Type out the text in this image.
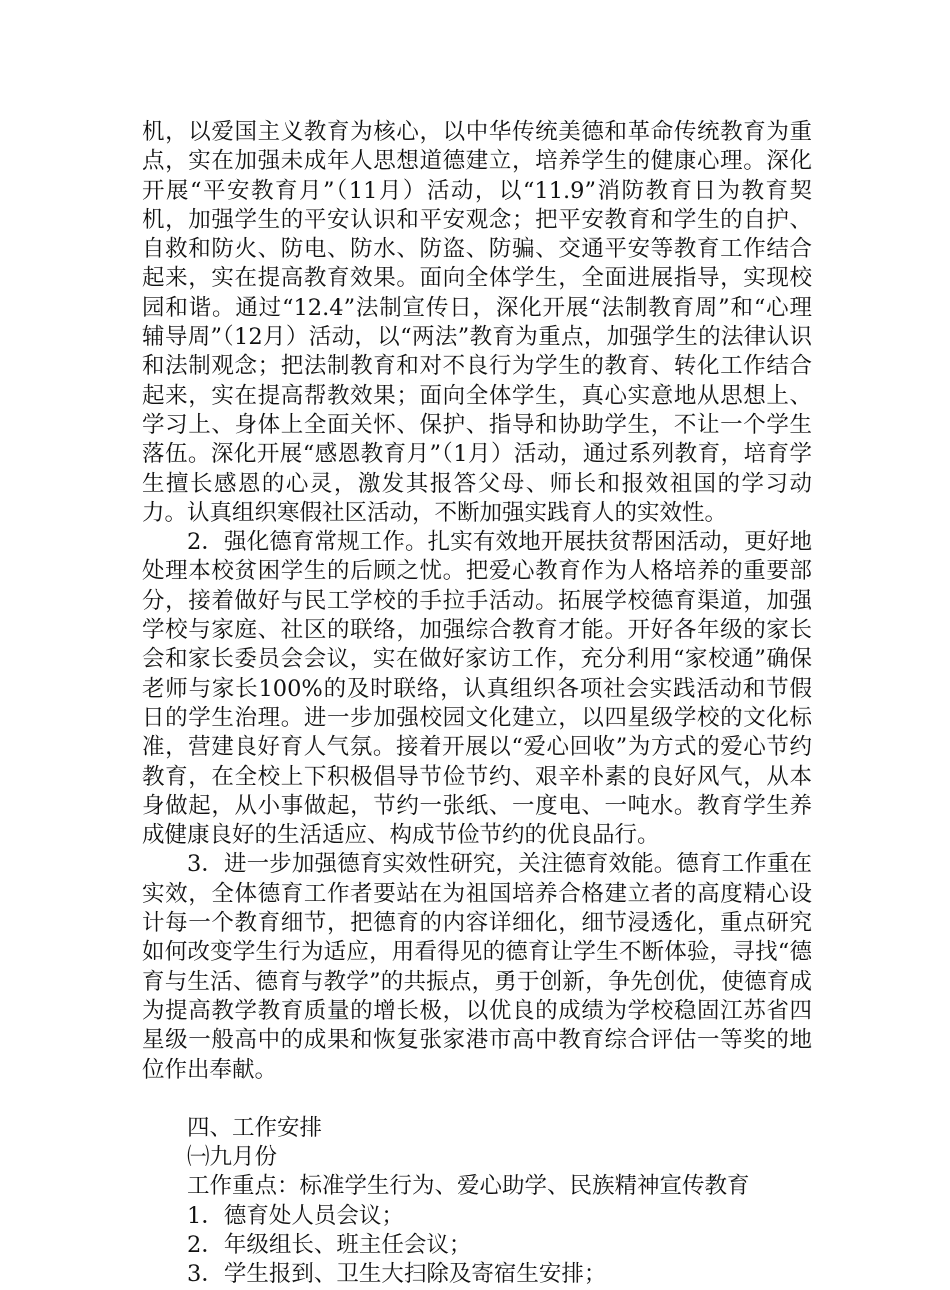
机，以爱国主义教育为核心，以中华传统美德和革命传统教育为重点，实在加强未成年人思想道德建立，培养学生的健康心理。深化开展“平安教育月”（11月）活动，以“11.9”消防教育日为教育契机，加强学生的平安认识和平安观念；把平安教育和学生的自护、自救和防火、防电、防水、防盗、防骗、交通平安等教育工作结合起来，实在提高教育效果。面向全体学生，全面进展指导，实现校园和谐。通过“12.4”法制宣传日，深化开展“法制教育周”和“心理辅导周”（12月）活动，以“两法”教育为重点，加强学生的法律认识和法制观念；把法制教育和对不良行为学生的教育、转化工作结合起来，实在提高帮教效果；面向全体学生，真心实意地从思想上、学习上、身体上全面关怀、保护、指导和协助学生，不让一个学生落伍。深化开展“感恩教育月”（1月）活动，通过系列教育，培育学生擅长感恩的心灵，激发其报答父母、师长和报效祖国的学习动力。认真组织寒假社区活动，不断加强实践育人的实效性。

2．强化德育常规工作。扎实有效地开展扶贫帮困活动，更好地处理本校贫困学生的后顾之忧。把爱心教育作为人格培养的重要部分，接着做好与民工学校的手拉手活动。拓展学校德育渠道，加强学校与家庭、社区的联络，加强综合教育才能。开好各年级的家长会和家长委员会会议，实在做好家访工作，充分利用“家校通”确保老师与家长100%的及时联络，认真组织各项社会实践活动和节假日的学生治理。进一步加强校园文化建立，以四星级学校的文化标准，营建良好育人气氛。接着开展以“爱心回收”为方式的爱心节约教育，在全校上下积极倡导节俭节约、艰辛朴素的良好风气，从本身做起，从小事做起，节约一张纸、一度电、一吨水。教育学生养成健康良好的生活适应、构成节俭节约的优良品行。

3．进一步加强德育实效性研究，关注德育效能。德育工作重在实效，全体德育工作者要站在为祖国培养合格建立者的高度精心设计每一个教育细节，把德育的内容详细化，细节浸透化，重点研究如何改变学生行为适应，用看得见的德育让学生不断体验，寻找“德育与生活、德育与教学”的共振点，勇于创新，争先创优，使德育成为提高教学教育质量的增长极，以优良的成绩为学校稳固江苏省四星级一般高中的成果和恢复张家港市高中教育综合评估一等奖的地位作出奉献。

四、工作安排

㈠九月份

工作重点：标准学生行为、爱心助学、民族精神宣传教育

1．德育处人员会议；

2．年级组长、班主任会议；

3．学生报到、卫生大扫除及寄宿生安排；
